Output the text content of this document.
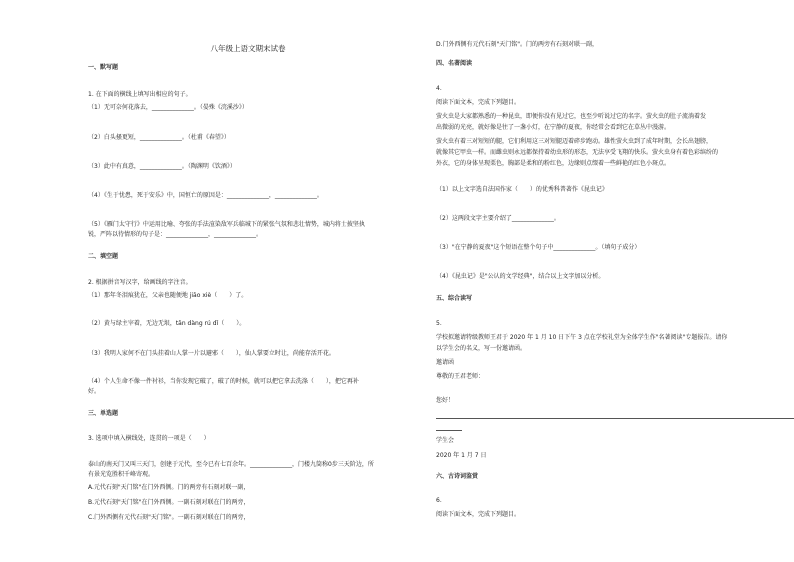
八年级上语文期末试卷
一、默写题
1. 在下面的横线上填写出相应的句子。
（1）无可奈何花落去，______________。（晏殊《浣溪沙》）
（2）白头搔更短，______________。（杜甫《春望》）
（3）此中有真意，______________。（陶渊明《饮酒》）
（4）《生于忧患，死于安乐》中，国恒亡的原因是：______________，______________。
（5）《雁门太守行》中运用比喻、夸张的手法渲染敌军兵临城下的紧张气氛和悲壮情势，城内将士披坚执
锐，严阵以待情形的句子是：______________，______________。
二、填空题
2. 根据拼音写汉字，给画线的字注音。
（1）那年冬泪痕犹在，父亲也随便地 jiāo xiè（　　）了。
（2）黄与绿主宰着，无边无垠，tān dàng rú dǐ（　　）。
（3）我明人家何不在门头挂着山人掌一片以避邪（　　），仙人掌要立时让，尚能存活开花。
（4）个人生命不像一件衬衫，当你发现它破了，破了的时候，就可以把它拿去洗涤（　　），把它再补
好。
三、单选题
3. 选项中填入横线处，连贯的一项是（　　）
泰山的南天门又叫三天门，创建于元代，至今已有七百余年。______________，门楼九筒称0步三天阶边，所
有景光览胜积千峰寄观。
A.元代石刻"天门铭"在门外西侧。门的两旁有石刻对联一副，
B.元代石刻"天门铭"在门外西侧。一副石刻对联在门的两旁，
C.门外西侧有元代石刻"天门铭"。一副石刻对联在门的两旁，
D.门外西侧有元代石刻"天门铭"。门的两旁有石刻对联一副，
四、名著阅读
4.
阅读下面文本，完成下列题目。
萤火虫是大家都熟悉的一种昆虫，即便你没有见过它，也至少听说过它的名字。萤火虫的肚子流淌着发
出微弱的光亮，就好像是往了一盏小灯，在宁静的夏夜，你经常会看到它在草丛中漫游。
萤火虫有着三对短短的腿，它们利用这三对短腿迈着碎步跑动。雄性萤火虫到了成年时期，会长出翅膀，
就像其它甲虫一样。而雌虫则永远都保持着幼虫形的形态，无法享受飞翔的快乐。萤火虫身有着色彩缤纷的
外衣，它的身体呈现栗色，胸部是柔和的粉红色，边缘则点缀着一些鲜艳的红色小斑点。
（1）以上文字选自法国作家（　　）的优秀科普著作《昆虫记》
（2）这两段文字主要介绍了______________。
（3）"在宁静的夏夜"这个短语在整个句子中______________。（填句子成分）
（4）《昆虫记》是"公认的文学经典"，结合以上文字加以分析。
五、综合读写
5.
学校拟邀请特级教师王君于 2020 年 1 月 10 日下午 3 点在学校礼堂为全体学生作"名著阅读"专题报告。请你
以学生会的名义，写一份邀请函。
邀请函
尊敬的王君老师：
您好！
学生会
2020 年 1 月 7 日
六、古诗词鉴赏
6.
阅读下面文本，完成下列题目。
